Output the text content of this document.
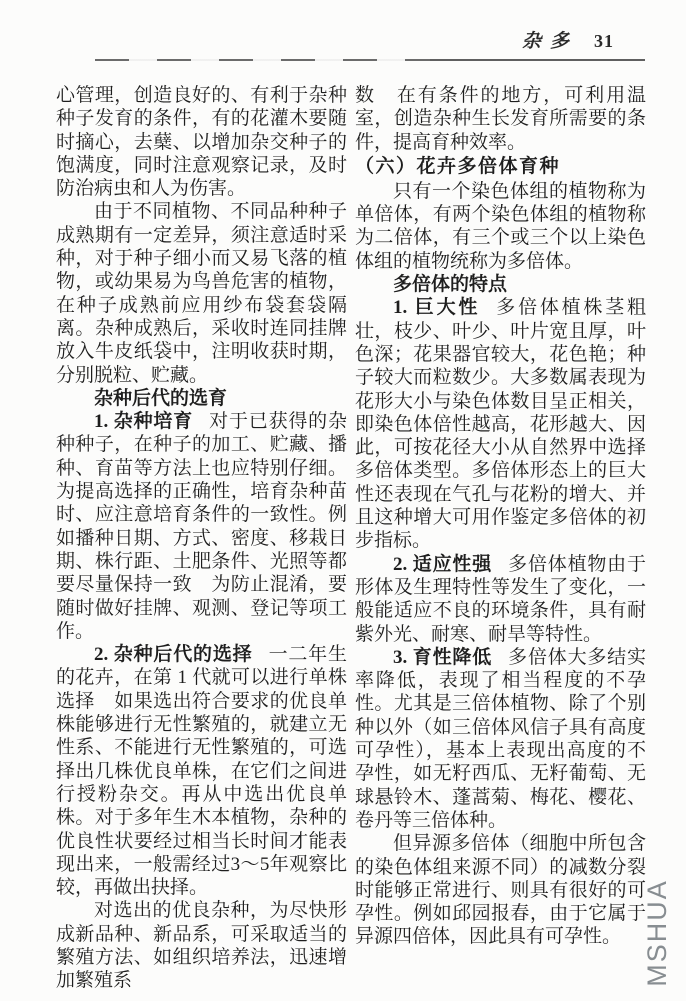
杂多 31

心管理，创造良好的、有利于杂种种子发育的条件，有的花灌木要随时摘心，去蘖、以增加杂交种子的饱满度，同时注意观察记录，及时防治病虫和人为伤害。

由于不同植物、不同品种种子成熟期有一定差异，须注意适时采种，对于种子细小而又易飞落的植物，或幼果易为鸟兽危害的植物，在种子成熟前应用纱布袋套袋隔离。杂种成熟后，采收时连同挂牌放入牛皮纸袋中，注明收获时期，分别脱粒、贮藏。

杂种后代的选育

1. 杂种培育 对于已获得的杂种种子，在种子的加工、贮藏、播种、育苗等方法上也应特别仔细。为提高选择的正确性，培育杂种苗时、应注意培育条件的一致性。例如播种日期、方式、密度、移栽日期、株行距、土肥条件、光照等都要尽量保持一致　为防止混淆，要随时做好挂牌、观测、登记等项工作。

2. 杂种后代的选择 一二年生的花卉，在第 1 代就可以进行单株选择　如果选出符合要求的优良单株能够进行无性繁殖的，就建立无性系、不能进行无性繁殖的，可选择出几株优良单株，在它们之间进行授粉杂交。再从中选出优良单株。对于多年生木本植物，杂种的优良性状要经过相当长时间才能表现出来，一般需经过3～5年观察比较，再做出抉择。

对选出的优良杂种，为尽快形成新品种、新品系，可采取适当的繁殖方法、如组织培养法，迅速增加繁殖系

数　在有条件的地方，可利用温室，创造杂种生长发育所需要的条件，提高育种效率。

（六）花卉多倍体育种

只有一个染色体组的植物称为单倍体，有两个染色体组的植物称为二倍体，有三个或三个以上染色体组的植物统称为多倍体。

多倍体的特点

1. 巨大性 多倍体植株茎粗壮，枝少、叶少、叶片宽且厚，叶色深；花果器官较大，花色艳；种子较大而粒数少。大多数属表现为花形大小与染色体数目呈正相关，即染色体倍性越高，花形越大、因此，可按花径大小从自然界中选择多倍体类型。多倍体形态上的巨大性还表现在气孔与花粉的增大、并且这种增大可用作鉴定多倍体的初步指标。

2. 适应性强 多倍体植物由于形体及生理特性等发生了变化，一般能适应不良的环境条件，具有耐紫外光、耐寒、耐旱等特性。

3. 育性降低 多倍体大多结实率降低，表现了相当程度的不孕性。尤其是三倍体植物、除了个别种以外（如三倍体风信子具有高度可孕性），基本上表现出高度的不孕性，如无籽西瓜、无籽葡萄、无球悬铃木、蓬蒿菊、梅花、樱花、卷丹等三倍体种。

但异源多倍体（细胞中所包含的染色体组来源不同）的减数分裂时能够正常进行、则具有很好的可孕性。例如邱园报春，由于它属于异源四倍体，因此具有可孕性。 MSHUA
